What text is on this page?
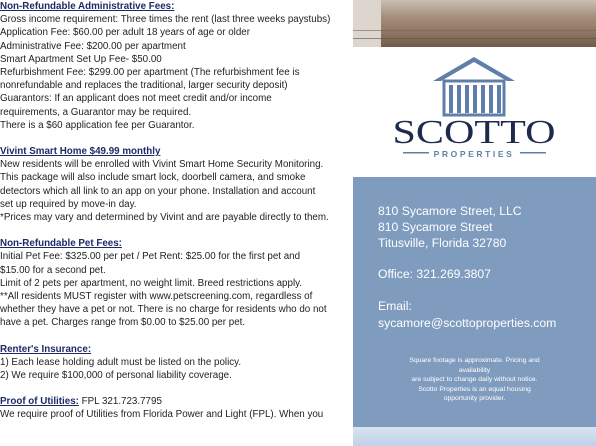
Non-Refundable Administrative Fees:

Gross income requirement: Three times the rent (last three weeks paystubs)

Application Fee: $60.00 per adult 18 years of age or older

Administrative Fee: $200.00 per apartment

Smart Apartment Set Up Fee- $50.00

Refurbishment Fee: $299.00 per apartment (The refurbishment fee is

nonrefundable and replaces the traditional, larger security deposit)

Guarantors: If an applicant does not meet credit and/or income

requirements, a Guarantor may be required.

There is a $60 application fee per Guarantor.

Vivint Smart Home $49.99 monthly

New residents will be enrolled with Vivint Smart Home Security Monitoring.

This package will also include smart lock, doorbell camera, and smoke

detectors which all link to an app on your phone. Installation and account

set up required by move-in day.

*Prices may vary and determined by Vivint and are payable directly to them.

Non-Refundable Pet Fees:

Initial Pet Fee: $325.00 per pet / Pet Rent: $25.00 for the first pet and

$15.00 for a second pet.

Limit of 2 pets per apartment, no weight limit. Breed restrictions apply.

**All residents MUST register with www.petscreening.com, regardless of

whether they have a pet or not. There is no charge for residents who do not

have a pet. Charges range from $0.00 to $25.00 per pet.

Renter's Insurance:

1) Each lease holding adult must be listed on the policy.

2) We require $100,000 of personal liability coverage.

Proof of Utilities: FPL 321.723.7795

We require proof of Utilities from Florida Power and Light (FPL). When you

SCOTTO
PROPERTIES
810 Sycamore Street, LLC
810 Sycamore Street
Titusville, Florida 32780
Office: 321.269.3807
Email:
sycamore@scottoproperties.com
Square footage is approximate. Pricing and
availability
are subject to change daily without notice.
Scotto Properties is an equal housing
opportunity provider.
